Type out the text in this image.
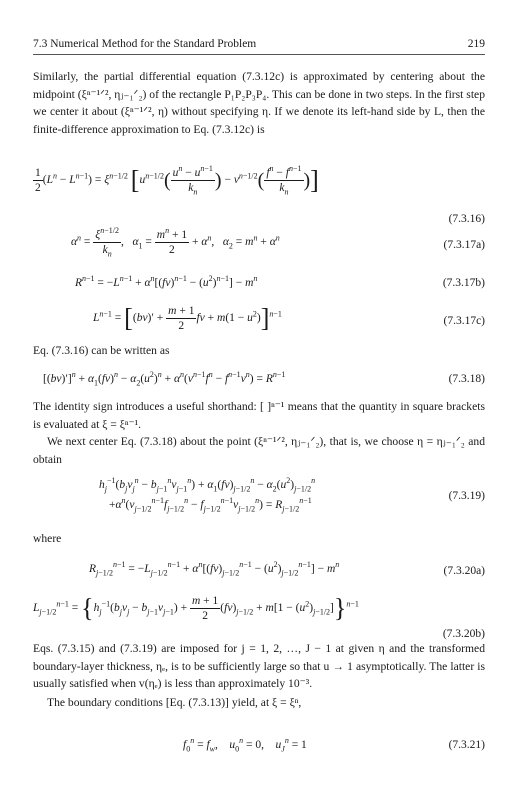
7.3 Numerical Method for the Standard Problem	219
Similarly, the partial differential equation (7.3.12c) is approximated by centering about the midpoint (ξⁿ⁻¹ᐟ², ηⱼ₋₁ᐟ₂) of the rectangle P₁P₂P₃P₄. This can be done in two steps. In the first step we center it about (ξⁿ⁻¹ᐟ², η) without specifying η. If we denote its left-hand side by L, then the finite-difference approximation to Eq. (7.3.12c) is
$\frac{1}{2} (L^n - L^{n-1}) = \xi^{n-1/2}$ [$u^{n-1/2}( \frac{u^n - u^{n-1}}{k_n}$ ) − $v^{n-1/2}( \frac{f^n - f^{n-1}}{k_n}$ )]
(7.3.16)
$\alpha^n = \frac{\xi^{n-1/2}}{k_n}$ ,   $\alpha_1 = \frac{m^n + 1}{2} + \alpha^n$,   $\alpha_2 = m^n + \alpha^n$
(7.3.17a)
$R^{n-1} = -L^{n-1} + \alpha^n[(fv)^{n-1} - (u^2)^{n-1}] - m^n$	(7.3.17b)
$L^{n-1} = [(bv)' + \frac{m + 1}{2}$ fv + $m(1 - u^2)]^{n-1}$
(7.3.17c)
Eq. (7.3.16) can be written as
$[(bv)']^n + \alpha_1(fv)^n - \alpha_2(u^2)^n + \alpha^n(v^{n-1}f^n - f^{n-1}v^n) = R^{n-1}$	(7.3.18)
The identity sign introduces a useful shorthand: [ ]ⁿ⁻¹ means that the quantity in square brackets is evaluated at ξ = ξⁿ⁻¹.
We next center Eq. (7.3.18) about the point (ξⁿ⁻¹ᐟ², ηⱼ₋₁ᐟ₂), that is, we choose η = ηⱼ₋₁ᐟ₂ and obtain
$h_j^{-1}(b_jv_j^n - b_{j-1}^nv_{j-1}^n) + \alpha_1(fv)_{j-1/2}^n - \alpha_2(u^2)_{j-1/2}^n$
$+\alpha^n(v_{j-1/2}^{n-1}f_{j-1/2}^n - f_{j-1/2}^{n-1}v_{j-1/2}^n) = R_{j-1/2}^{n-1}$	(7.3.19)
where
$R_{j-1/2}^{n-1} = -L_{j-1/2}^{n-1} + \alpha^n[(fv)_{j-1/2}^{n-1} - (u^2)_{j-1/2}^{n-1}] - m^n$
(7.3.20a)
$L_{j-1/2}^{n-1} = \{h_j^{-1}(b_jv_j - b_{j-1}v_{j-1}) + \frac{m + 1}{2} (fv)_{j-1/2} + m[1 - (u^2)_{j-1/2}]\}^{n-1}$
(7.3.20b)
Eqs. (7.3.15) and (7.3.19) are imposed for j = 1, 2, …, J − 1 at given η and the transformed boundary-layer thickness, ηₑ, is to be sufficiently large so that u → 1 asymptotically. The latter is usually satisfied when v(ηₑ) is less than approximately 10⁻³.
The boundary conditions [Eq. (7.3.13)] yield, at ξ = ξⁿ,
$f_0^n = f_w$,    $u_0^n = 0$,    $u_J^n = 1$	(7.3.21)
